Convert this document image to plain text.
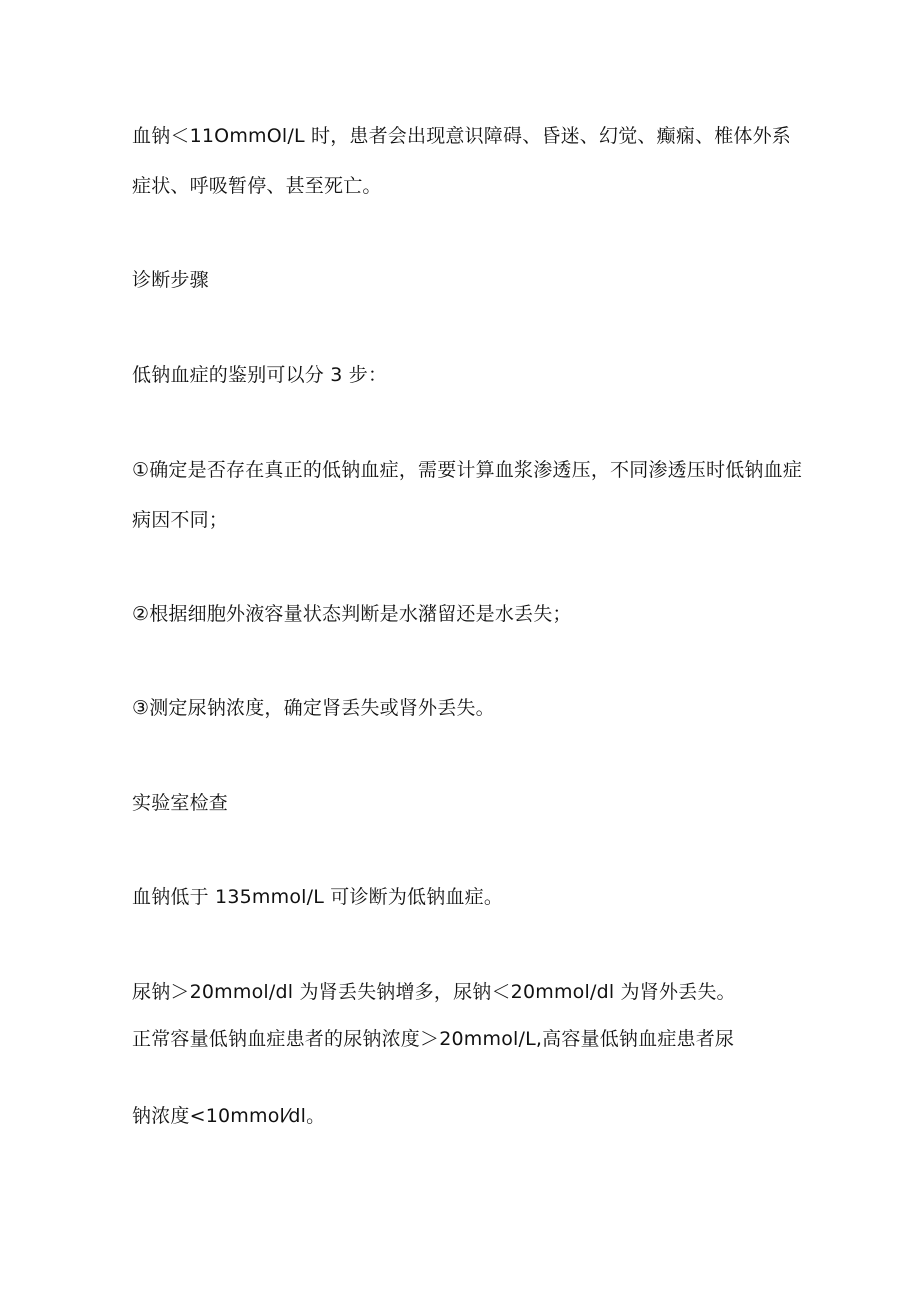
血钠＜11OmmOl/L 时，患者会出现意识障碍、昏迷、幻觉、癫痫、椎体外系
症状、呼吸暂停、甚至死亡。
诊断步骤
低钠血症的鉴别可以分 3 步：
①确定是否存在真正的低钠血症，需要计算血浆渗透压，不同渗透压时低钠血症
病因不同；
②根据细胞外液容量状态判断是水潴留还是水丢失；
③测定尿钠浓度，确定肾丢失或肾外丢失。
实验室检查
血钠低于 135mmol/L 可诊断为低钠血症。
尿钠＞20mmol/dl 为肾丢失钠增多，尿钠＜20mmol/dl 为肾外丢失。
正常容量低钠血症患者的尿钠浓度＞20mmol/L,高容量低钠血症患者尿
钠浓度<10mmol⁄dl。
